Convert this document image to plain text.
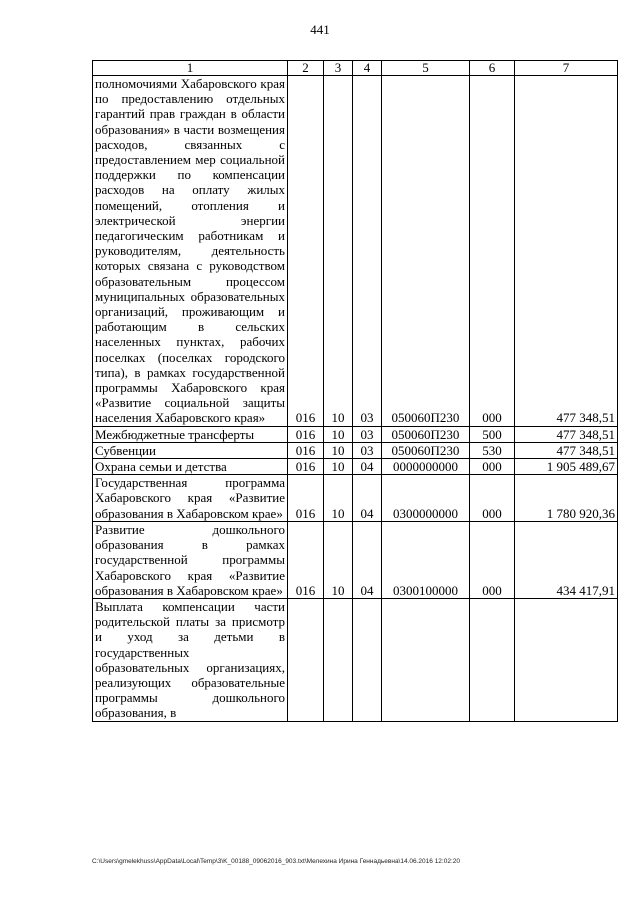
441
1	2	3	4	5	6	7
полномочиями Хабаровского края по предоставлению отдельных гарантий прав граждан в области образования» в части возмещения расходов, связанных с предоставлением мер социальной поддержки по компенсации расходов на оплату жилых помещений, отопления и электрической энергии педагогическим работникам и руководителям, деятельность которых связана с руководством образовательным процессом муниципальных образовательных организаций, проживающим и работающим в сельских населенных пунктах, рабочих поселках (поселках городского типа), в рамках государственной программы Хабаровского края «Развитие социальной защиты населения Хабаровского края»	016	10	03	050060П230	000	477 348,51
Межбюджетные трансферты	016	10	03	050060П230	500	477 348,51
Субвенции	016	10	03	050060П230	530	477 348,51
Охрана семьи и детства	016	10	04	0000000000	000	1 905 489,67
Государственная программа Хабаровского края «Развитие образования в Хабаровском крае»	016	10	04	0300000000	000	1 780 920,36
Развитие дошкольного образования в рамках государственной программы Хабаровского края «Развитие образования в Хабаровском крае»	016	10	04	0300100000	000	434 417,91
Выплата компенсации части родительской платы за присмотр и уход за детьми в государственных образовательных организациях, реализующих образовательные программы дошкольного образования, в						
C:\Users\gmelekhuss\AppData\Local\Temp\3\K_00188_09062016_903.txt\Мелехина Ирина Геннадьевна\14.06.2016 12:02:20
